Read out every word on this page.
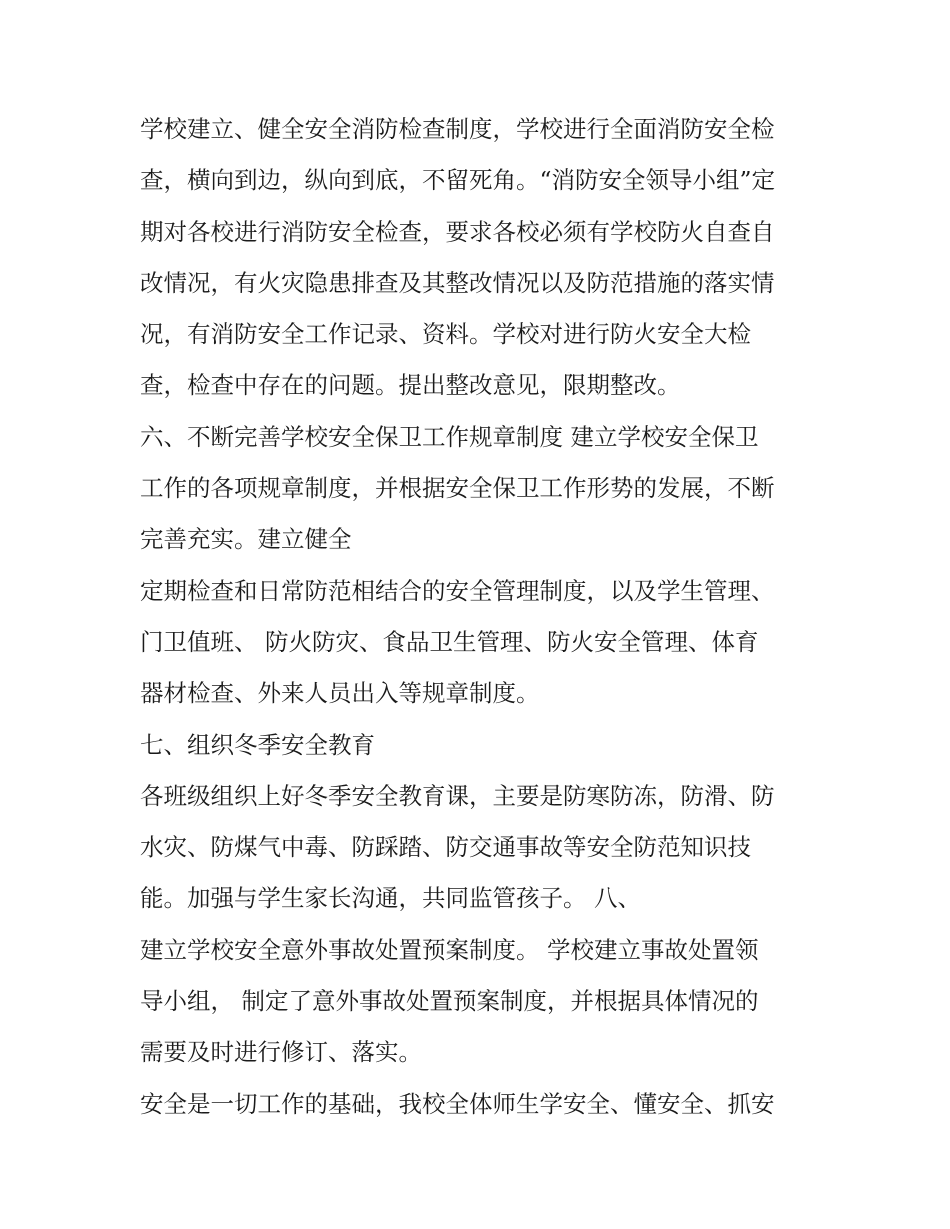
学校建立、健全安全消防检查制度，学校进行全面消防安全检
查，横向到边，纵向到底，不留死角。“消防安全领导小组”定
期对各校进行消防安全检查，要求各校必须有学校防火自查自
改情况，有火灾隐患排查及其整改情况以及防范措施的落实情
况，有消防安全工作记录、资料。学校对进行防火安全大检
查，检查中存在的问题。提出整改意见，限期整改。
六、不断完善学校安全保卫工作规章制度 建立学校安全保卫
工作的各项规章制度，并根据安全保卫工作形势的发展，不断
完善充实。建立健全
定期检查和日常防范相结合的安全管理制度，以及学生管理、
门卫值班、 防火防灾、食品卫生管理、防火安全管理、体育
器材检查、外来人员出入等规章制度。
七、组织冬季安全教育
各班级组织上好冬季安全教育课，主要是防寒防冻，防滑、防
水灾、防煤气中毒、防踩踏、防交通事故等安全防范知识技
能。加强与学生家长沟通，共同监管孩子。 八、
建立学校安全意外事故处置预案制度。 学校建立事故处置领
导小组， 制定了意外事故处置预案制度，并根据具体情况的
需要及时进行修订、落实。
安全是一切工作的基础，我校全体师生学安全、懂安全、抓安
